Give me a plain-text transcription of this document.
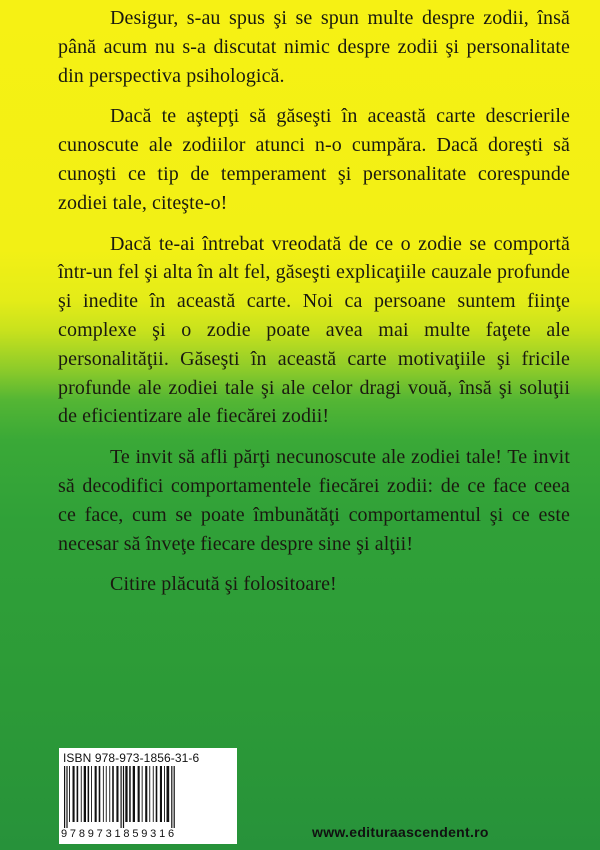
Desigur, s-au spus şi se spun multe despre zodii, însă până acum nu s-a discutat nimic despre zodii şi personalitate din perspectiva psihologică.

Dacă te aştepţi să găseşti în această carte descrierile cunoscute ale zodiilor atunci n-o cumpăra. Dacă doreşti să cunoşti ce tip de temperament şi personalitate corespunde zodiei tale, citeşte-o!

Dacă te-ai întrebat vreodată de ce o zodie se comportă într-un fel şi alta în alt fel, găseşti explicaţiile cauzale profunde şi inedite în această carte. Noi ca persoane suntem fiinţe complexe şi o zodie poate avea mai multe faţete ale personalităţii. Găseşti în această carte motivaţiile şi fricile profunde ale zodiei tale şi ale celor dragi vouă, însă şi soluţii de eficientizare ale fiecărei zodii!

Te invit să afli părţi necunoscute ale zodiei tale! Te invit să decodifici comportamentele fiecărei zodii: de ce face ceea ce face, cum se poate îmbunătăţi comportamentul şi ce este necesar să înveţe fiecare despre sine şi alţii!

Citire plăcută şi folositoare!

ISBN 978-973-1856-31-6
9789731859316	www.edituraascendent.ro
